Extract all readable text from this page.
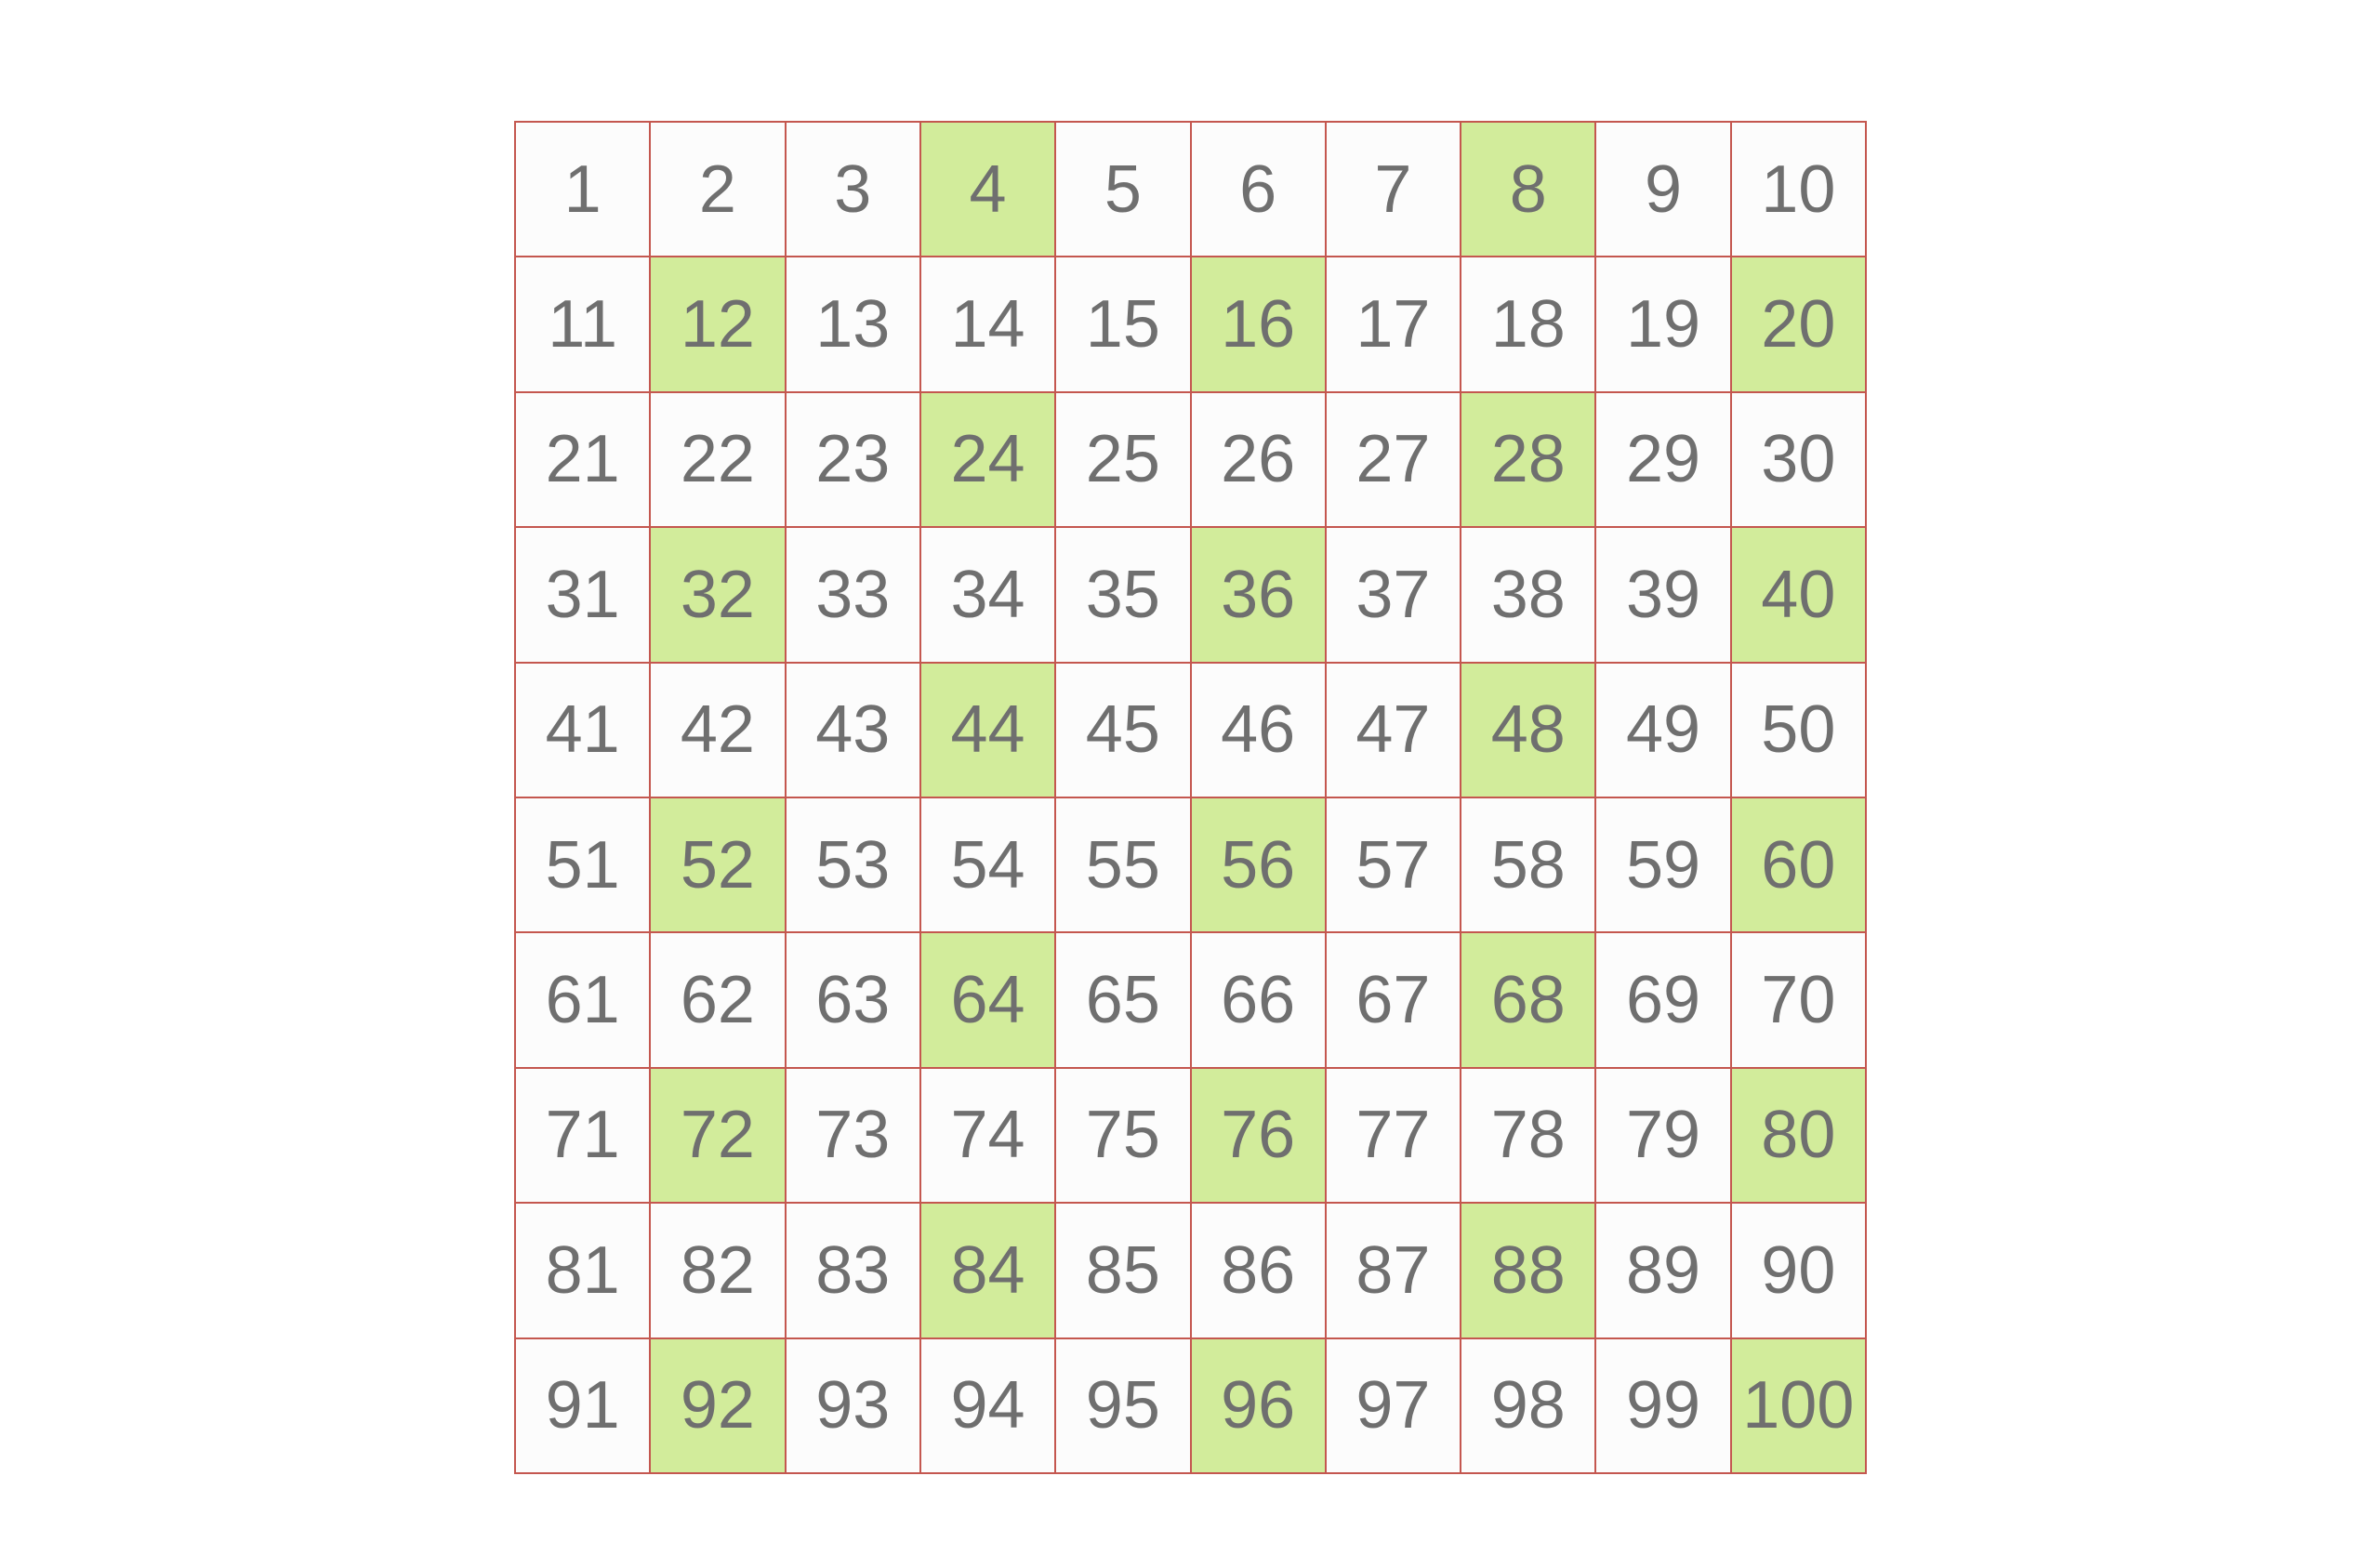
1	2	3	4	5	6	7	8	9	10
11 12 13 14 15 16 17 18 19 20
21 22 23 24 25 26 27 28 29 30
31 32 33 34 35 36 37 38 39 40
41 42 43 44 45 46 47 48 49 50
51 52 53 54 55 56 57 58 59 60
61 62 63 64 65 66 67 68 69 70
71 72 73 74 75 76 77 78 79 80
81 82 83 84 85 86 87 88 89 90
91 92 93 94 95 96 97 98 99 100
